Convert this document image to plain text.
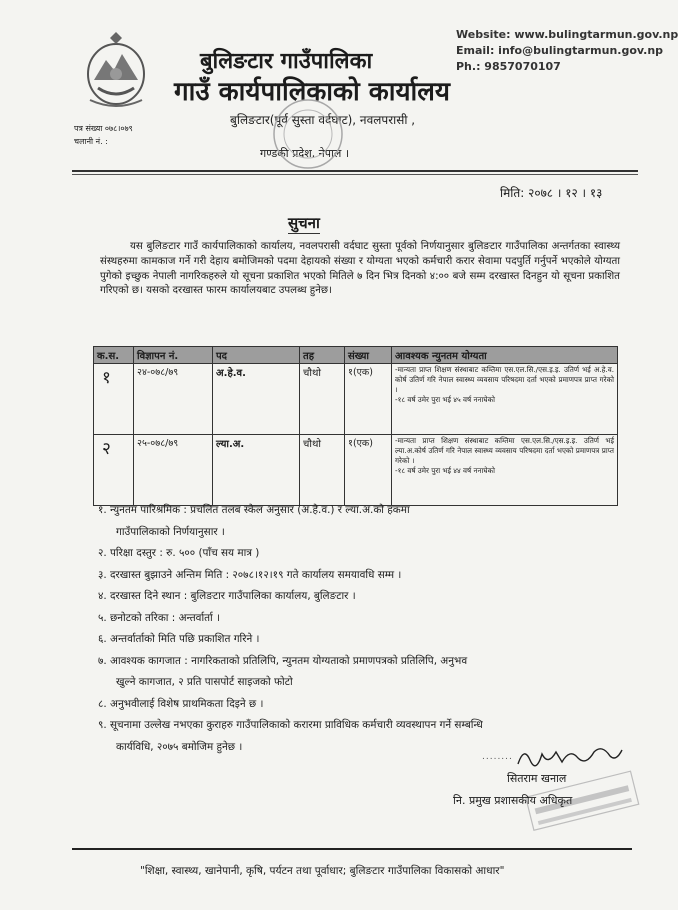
बुलिङटार गाउँपालिका
गाउँ कार्यपालिकाको कार्यालय
बुलिङटार(पूर्व सुस्ता वर्दघाट), नवलपरासी ,
गण्डकी प्रदेश, नेपाल ।
Website: www.bulingtarmun.gov.np
Email: info@bulingtarmun.gov.np
Ph.: 9857070107
पत्र संख्या ०७८।०७९
चलानी नं. :
मिति: २०७८ । १२ । १३
सुचना
यस बुलिङटार गाउँ कार्यपालिकाको कार्यालय, नवलपरासी वर्दघाट सुस्ता पूर्वको निर्णयानुसार बुलिङटार गाउँपालिका अन्तर्गतका स्वास्थ्य संस्थहरुमा कामकाज गर्ने गरी देहाय बमोजिमको पदमा देहायको संख्या र योग्यता भएको कर्मचारी करार सेवामा पदपुर्ति गर्नुपर्ने भएकोले योग्यता पुगेको इच्छुक नेपाली नागरिकहरुले यो सूचना प्रकाशित भएको मितिले ७ दिन भित्र दिनको ४:०० बजे सम्म दरखास्त दिनहुन यो सूचना प्रकाशित गरिएको छ। यसको दरखास्त फारम कार्यालयबाट उपलब्ध हुनेछ।
क.स.	विज्ञापन नं.	पद	तह	संख्या	आवश्यक न्युनतम योग्यता
१	२४-०७८/७९	अ.हे.व.	चौथो	१(एक)	-मान्यता प्राप्त शिक्षण संस्थाबाट कम्तिमा एस.एल.सि./एस.इ.इ. उतिर्ण भई अ.हे.व. कोर्ष उतिर्ण गरि नेपाल स्वास्थ्य व्यवसाय परिषदमा दर्ता भएको प्रमाणपत्र प्राप्त गरेको ।
-१८ वर्ष उमेर पुरा भई ४५ वर्ष ननाघेको

२	२५-०७८/७९	ल्या.अ.	चौथो	१(एक)	-मान्यता प्राप्त शिक्षण संस्थाबाट कम्तिमा एस.एल.सि./एस.इ.इ. उतिर्ण भई ल्या.अ.कोर्ष उतिर्ण गरि नेपाल स्वास्थ्य व्यवसाय परिषदमा दर्ता भएको प्रमाणपत्र प्राप्त गरेको ।
-१८ वर्ष उमेर पुरा भई ४४ वर्ष ननाघेको
१. न्युनतम पारिश्रमिक : प्रचलित तलब स्केल अनुसार (अ.हे.व.) र ल्या.अ.को हकमा
गाउँपालिकाको निर्णयानुसार ।
२. परिक्षा दस्तुर : रु. ५०० (पाँच सय मात्र )
३. दरखास्त बुझाउने अन्तिम मिति : २०७८।१२।१९ गते कार्यालय समयावधि सम्म ।
४. दरखास्त दिने स्थान : बुलिङटार गाउँपालिका कार्यालय, बुलिङटार ।
५. छनोटको तरिका : अन्तर्वार्ता ।
६. अन्तर्वार्ताको मिति पछि प्रकाशित गरिने ।
७. आवश्यक कागजात : नागरिकताको प्रतिलिपि, न्युनतम योग्यताको प्रमाणपत्रको प्रतिलिपि, अनुभव
खुल्ने कागजात, २ प्रति पासपोर्ट साइजको फोटो
८. अनुभवीलाई विशेष प्राथमिकता दिइने छ ।
९. सूचनामा उल्लेख नभएका कुराहरु गाउँपालिकाको करारमा प्राविधिक कर्मचारी व्यवस्थापन गर्ने सम्बन्धि
कार्यविधि, २०७५ बमोजिम हुनेछ ।
........
सितराम खनाल
नि. प्रमुख प्रशासकीय अधिकृत
"शिक्षा, स्वास्थ्य, खानेपानी, कृषि, पर्यटन तथा पूर्वाधार; बुलिङटार गाउँपालिका विकासको आधार"
